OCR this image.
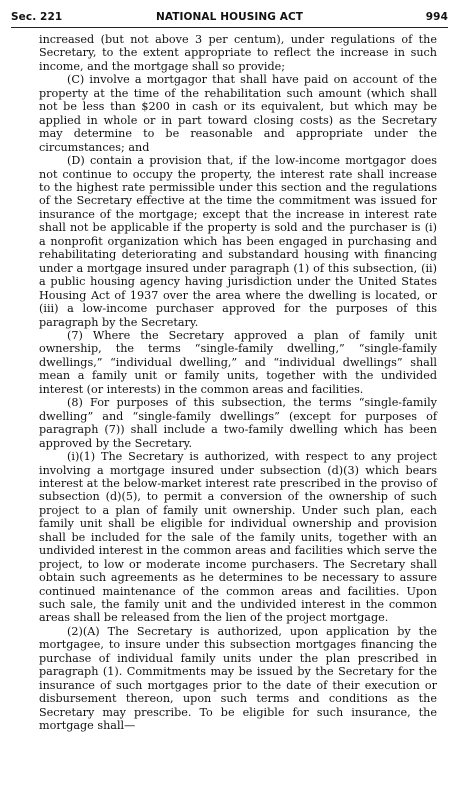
Sec. 221	NATIONAL HOUSING ACT	994

increased (but not above 3 per centum), under regulations of the Secretary, to the extent appropriate to reflect the increase in such income, and the mortgage shall so provide;

(C) involve a mortgagor that shall have paid on account of the property at the time of the rehabilitation such amount (which shall not be less than $200 in cash or its equivalent, but which may be applied in whole or in part toward closing costs) as the Secretary may determine to be reasonable and appropriate under the circumstances; and

(D) contain a provision that, if the low-income mortgagor does not continue to occupy the property, the interest rate shall increase to the highest rate permissible under this section and the regulations of the Secretary effective at the time the commitment was issued for insurance of the mortgage; except that the increase in interest rate shall not be applicable if the property is sold and the purchaser is (i) a nonprofit organization which has been engaged in purchasing and rehabilitating deteriorating and substandard housing with financing under a mortgage insured under paragraph (1) of this subsection, (ii) a public housing agency having jurisdiction under the United States Housing Act of 1937 over the area where the dwelling is located, or (iii) a low-income purchaser approved for the purposes of this paragraph by the Secretary.

(7) Where the Secretary approved a plan of family unit ownership, the terms “single-family dwelling,” “single-family dwellings,” “individual dwelling,” and “individual dwellings” shall mean a family unit or family units, together with the undivided interest (or interests) in the common areas and facilities.

(8) For purposes of this subsection, the terms “single-family dwelling” and “single-family dwellings” (except for purposes of paragraph (7)) shall include a two-family dwelling which has been approved by the Secretary.

(i)(1) The Secretary is authorized, with respect to any project involving a mortgage insured under subsection (d)(3) which bears interest at the below-market interest rate prescribed in the proviso of subsection (d)(5), to permit a conversion of the ownership of such project to a plan of family unit ownership. Under such plan, each family unit shall be eligible for individual ownership and provision shall be included for the sale of the family units, together with an undivided interest in the common areas and facilities which serve the project, to low or moderate income purchasers. The Secretary shall obtain such agreements as he determines to be necessary to assure continued maintenance of the common areas and facilities. Upon such sale, the family unit and the undivided interest in the common areas shall be released from the lien of the project mortgage.

(2)(A) The Secretary is authorized, upon application by the mortgagee, to insure under this subsection mortgages financing the purchase of individual family units under the plan prescribed in paragraph (1). Commitments may be issued by the Secretary for the insurance of such mortgages prior to the date of their execution or disbursement thereon, upon such terms and conditions as the Secretary may prescribe. To be eligible for such insurance, the mortgage shall—
